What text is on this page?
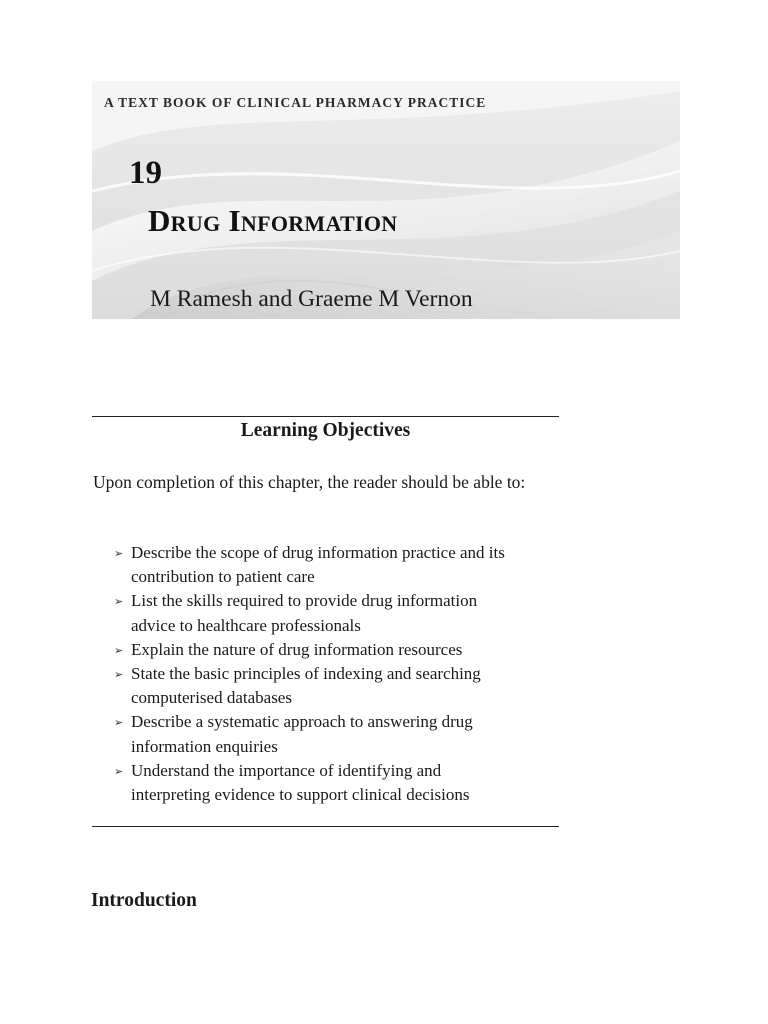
A TEXT BOOK OF CLINICAL PHARMACY PRACTICE
19
Drug Information
M Ramesh and Graeme M Vernon
Learning Objectives
Upon completion of this chapter, the reader should be able to:
➢ Describe the scope of drug information practice and its
contribution to patient care
➢ List the skills required to provide drug information
advice to healthcare professionals
➢ Explain the nature of drug information resources
➢ State the basic principles of indexing and searching
computerised databases
➢ Describe a systematic approach to answering drug
information enquiries
➢ Understand the importance of identifying and
interpreting evidence to support clinical decisions
Introduction
